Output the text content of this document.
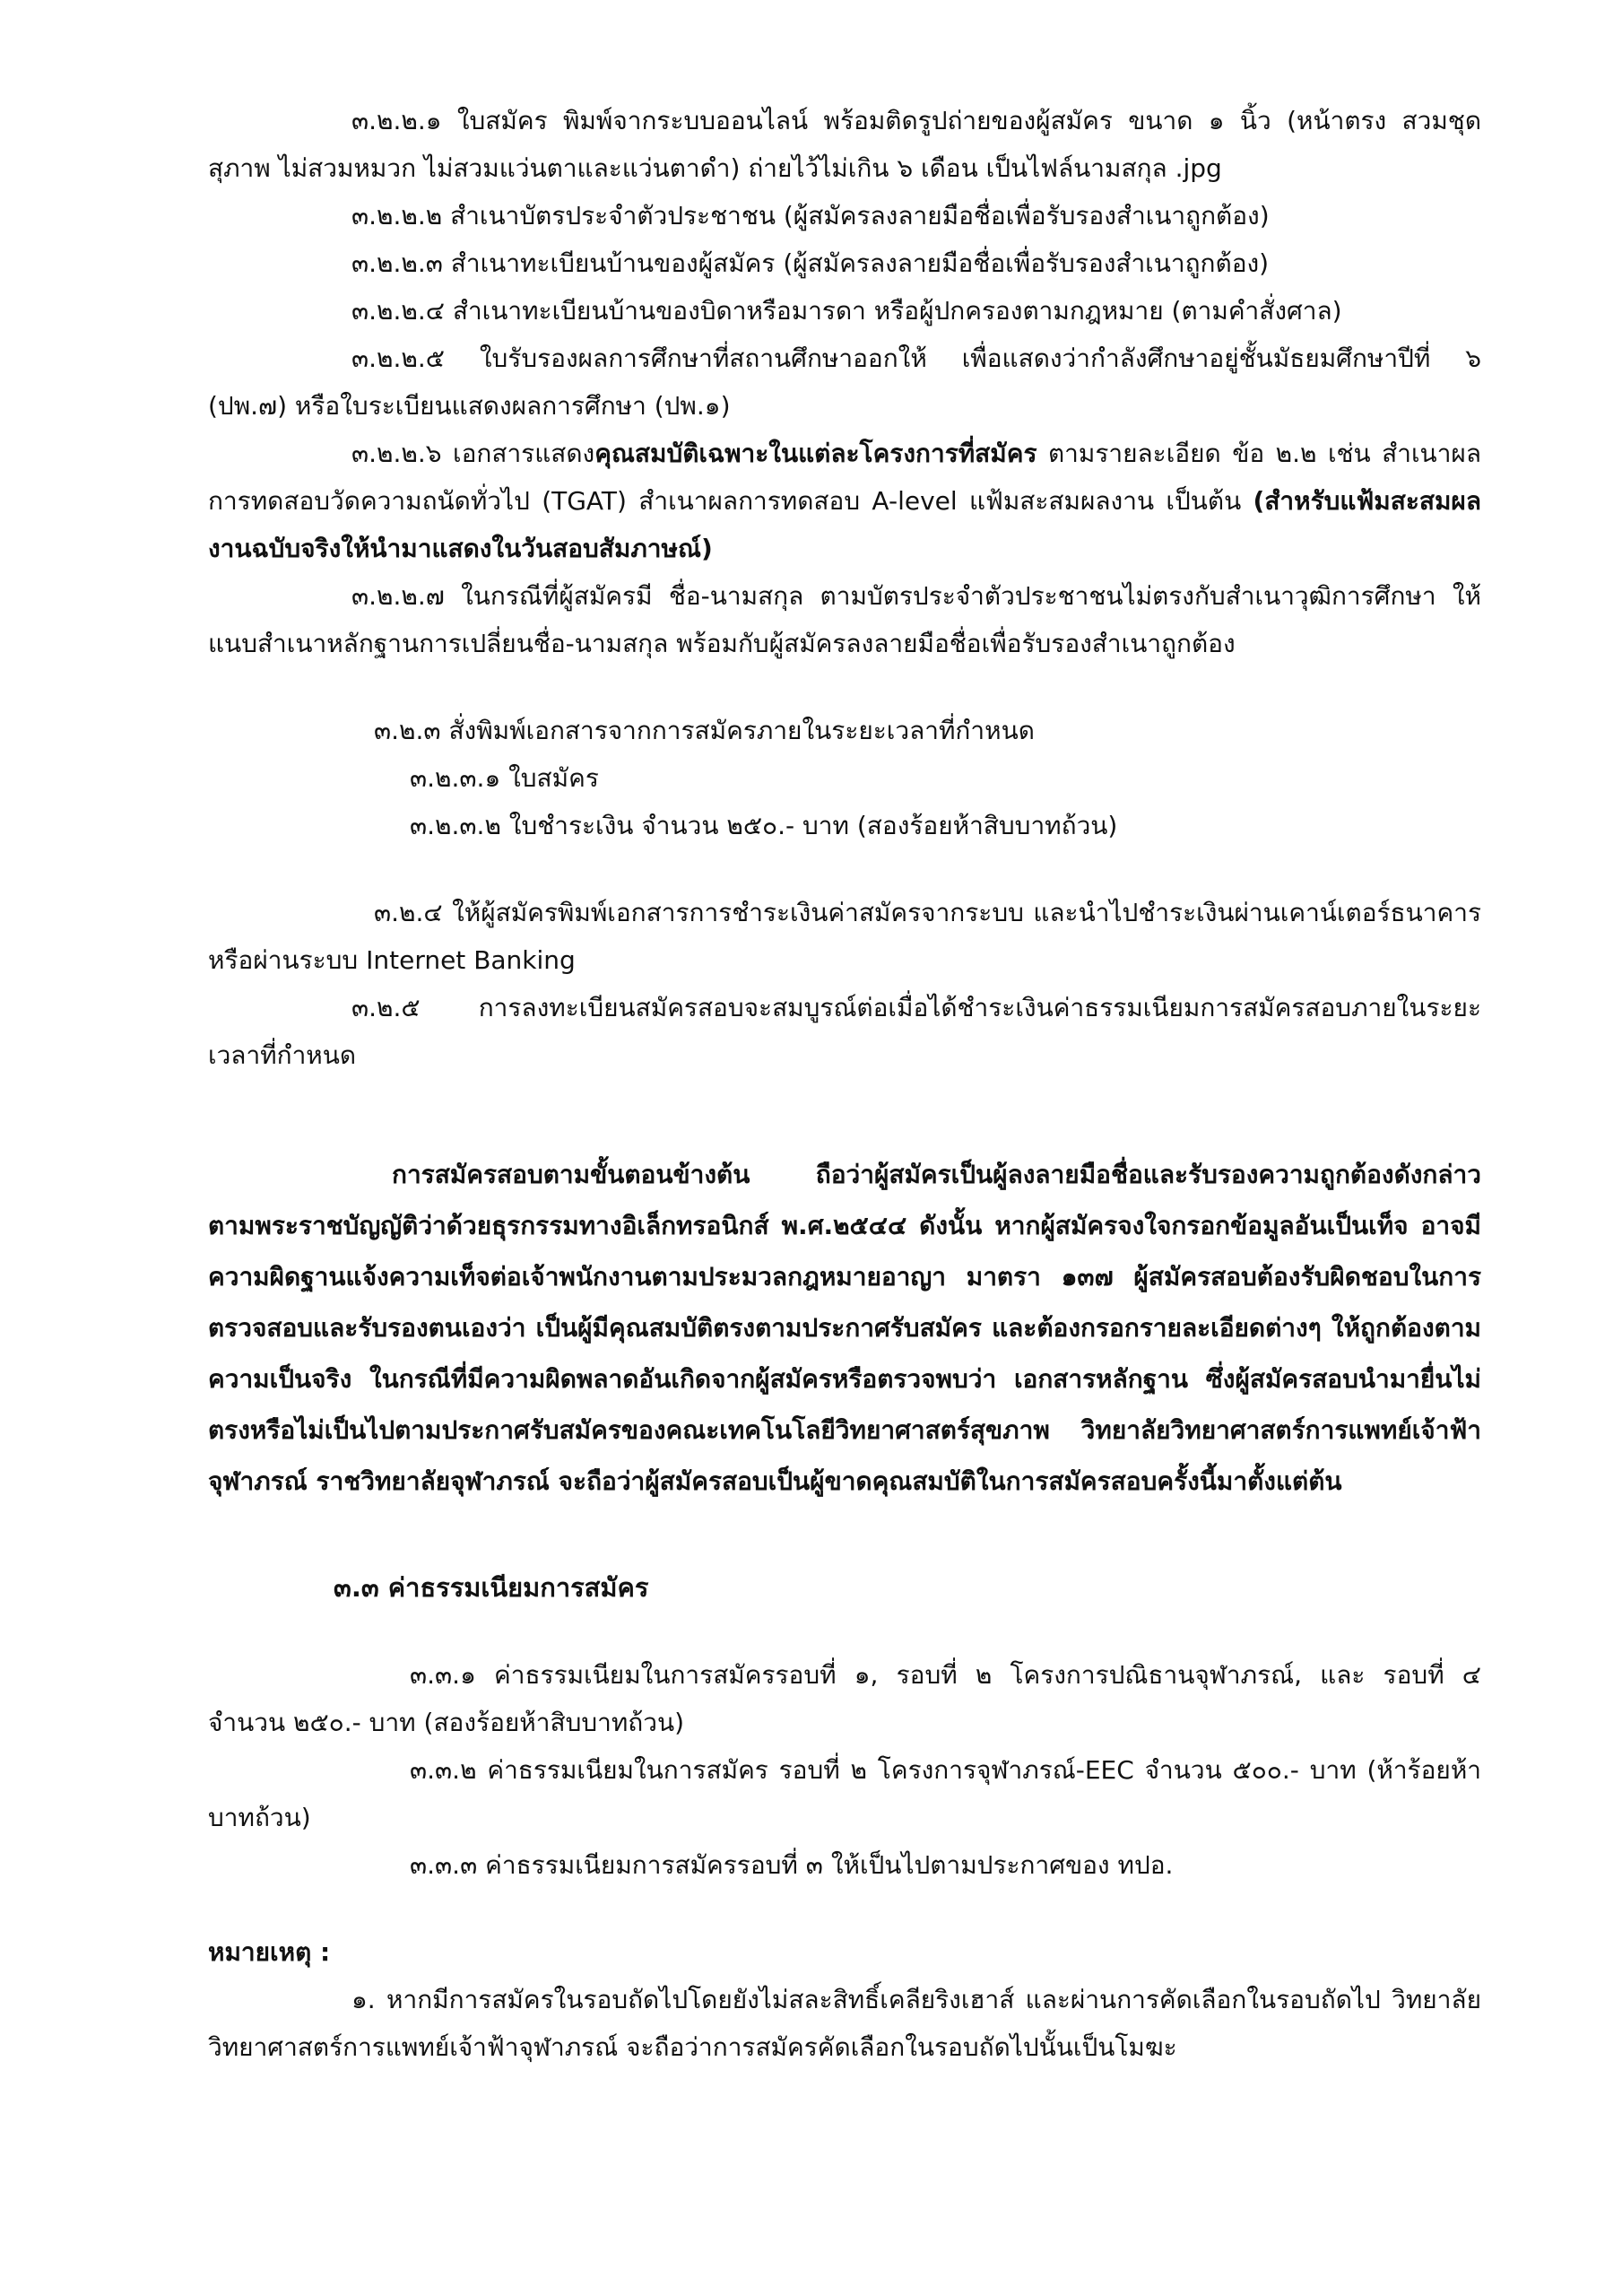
๓.๒.๒.๑ ใบสมัคร พิมพ์จากระบบออนไลน์ พร้อมติดรูปถ่ายของผู้สมัคร ขนาด ๑ นิ้ว (หน้าตรง สวมชุดสุภาพ ไม่สวมหมวก ไม่สวมแว่นตาและแว่นตาดำ) ถ่ายไว้ไม่เกิน ๖ เดือน เป็นไฟล์นามสกุล .jpg

๓.๒.๒.๒ สำเนาบัตรประจำตัวประชาชน (ผู้สมัครลงลายมือชื่อเพื่อรับรองสำเนาถูกต้อง)

๓.๒.๒.๓ สำเนาทะเบียนบ้านของผู้สมัคร (ผู้สมัครลงลายมือชื่อเพื่อรับรองสำเนาถูกต้อง)

๓.๒.๒.๔ สำเนาทะเบียนบ้านของบิดาหรือมารดา หรือผู้ปกครองตามกฎหมาย (ตามคำสั่งศาล)

๓.๒.๒.๕ ใบรับรองผลการศึกษาที่สถานศึกษาออกให้ เพื่อแสดงว่ากำลังศึกษาอยู่ชั้นมัธยมศึกษาปีที่ ๖ (ปพ.๗) หรือใบระเบียนแสดงผลการศึกษา (ปพ.๑)

๓.๒.๒.๖ เอกสารแสดงคุณสมบัติเฉพาะในแต่ละโครงการที่สมัคร ตามรายละเอียด ข้อ ๒.๒ เช่น สำเนาผลการทดสอบวัดความถนัดทั่วไป (TGAT) สำเนาผลการทดสอบ A-level แฟ้มสะสมผลงาน เป็นต้น (สำหรับแฟ้มสะสมผลงานฉบับจริงให้นำมาแสดงในวันสอบสัมภาษณ์)

๓.๒.๒.๗ ในกรณีที่ผู้สมัครมี ชื่อ-นามสกุล ตามบัตรประจำตัวประชาชนไม่ตรงกับสำเนาวุฒิการศึกษา ให้แนบสำเนาหลักฐานการเปลี่ยนชื่อ-นามสกุล พร้อมกับผู้สมัครลงลายมือชื่อเพื่อรับรองสำเนาถูกต้อง

๓.๒.๓ สั่งพิมพ์เอกสารจากการสมัครภายในระยะเวลาที่กำหนด

๓.๒.๓.๑ ใบสมัคร

๓.๒.๓.๒ ใบชำระเงิน จำนวน ๒๕๐.- บาท (สองร้อยห้าสิบบาทถ้วน)

๓.๒.๔ ให้ผู้สมัครพิมพ์เอกสารการชำระเงินค่าสมัครจากระบบ และนำไปชำระเงินผ่านเคาน์เตอร์ธนาคาร หรือผ่านระบบ Internet Banking

๓.๒.๕ การลงทะเบียนสมัครสอบจะสมบูรณ์ต่อเมื่อได้ชำระเงินค่าธรรมเนียมการสมัครสอบภายในระยะเวลาที่กำหนด

การสมัครสอบตามขั้นตอนข้างต้น ถือว่าผู้สมัครเป็นผู้ลงลายมือชื่อและรับรองความถูกต้องดังกล่าว ตามพระราชบัญญัติว่าด้วยธุรกรรมทางอิเล็กทรอนิกส์ พ.ศ.๒๕๔๔ ดังนั้น หากผู้สมัครจงใจกรอกข้อมูลอันเป็นเท็จ อาจมีความผิดฐานแจ้งความเท็จต่อเจ้าพนักงานตามประมวลกฎหมายอาญา มาตรา ๑๓๗ ผู้สมัครสอบต้องรับผิดชอบในการตรวจสอบและรับรองตนเองว่า เป็นผู้มีคุณสมบัติตรงตามประกาศรับสมัคร และต้องกรอกรายละเอียดต่างๆ ให้ถูกต้องตามความเป็นจริง ในกรณีที่มีความผิดพลาดอันเกิดจากผู้สมัครหรือตรวจพบว่า เอกสารหลักฐาน ซึ่งผู้สมัครสอบนำมายื่นไม่ตรงหรือไม่เป็นไปตามประกาศรับสมัครของคณะเทคโนโลยีวิทยาศาสตร์สุขภาพ วิทยาลัยวิทยาศาสตร์การแพทย์เจ้าฟ้าจุฬาภรณ์ ราชวิทยาลัยจุฬาภรณ์ จะถือว่าผู้สมัครสอบเป็นผู้ขาดคุณสมบัติในการสมัครสอบครั้งนี้มาตั้งแต่ต้น

๓.๓ ค่าธรรมเนียมการสมัคร

๓.๓.๑ ค่าธรรมเนียมในการสมัครรอบที่ ๑, รอบที่ ๒ โครงการปณิธานจุฬาภรณ์, และ รอบที่ ๔ จำนวน ๒๕๐.- บาท (สองร้อยห้าสิบบาทถ้วน)

๓.๓.๒ ค่าธรรมเนียมในการสมัคร รอบที่ ๒ โครงการจุฬาภรณ์-EEC จำนวน ๕๐๐.- บาท (ห้าร้อยห้าบาทถ้วน)

๓.๓.๓ ค่าธรรมเนียมการสมัครรอบที่ ๓ ให้เป็นไปตามประกาศของ ทปอ.

หมายเหตุ :

๑. หากมีการสมัครในรอบถัดไปโดยยังไม่สละสิทธิ์เคลียริงเฮาส์ และผ่านการคัดเลือกในรอบถัดไป วิทยาลัยวิทยาศาสตร์การแพทย์เจ้าฟ้าจุฬาภรณ์ จะถือว่าการสมัครคัดเลือกในรอบถัดไปนั้นเป็นโมฆะ
